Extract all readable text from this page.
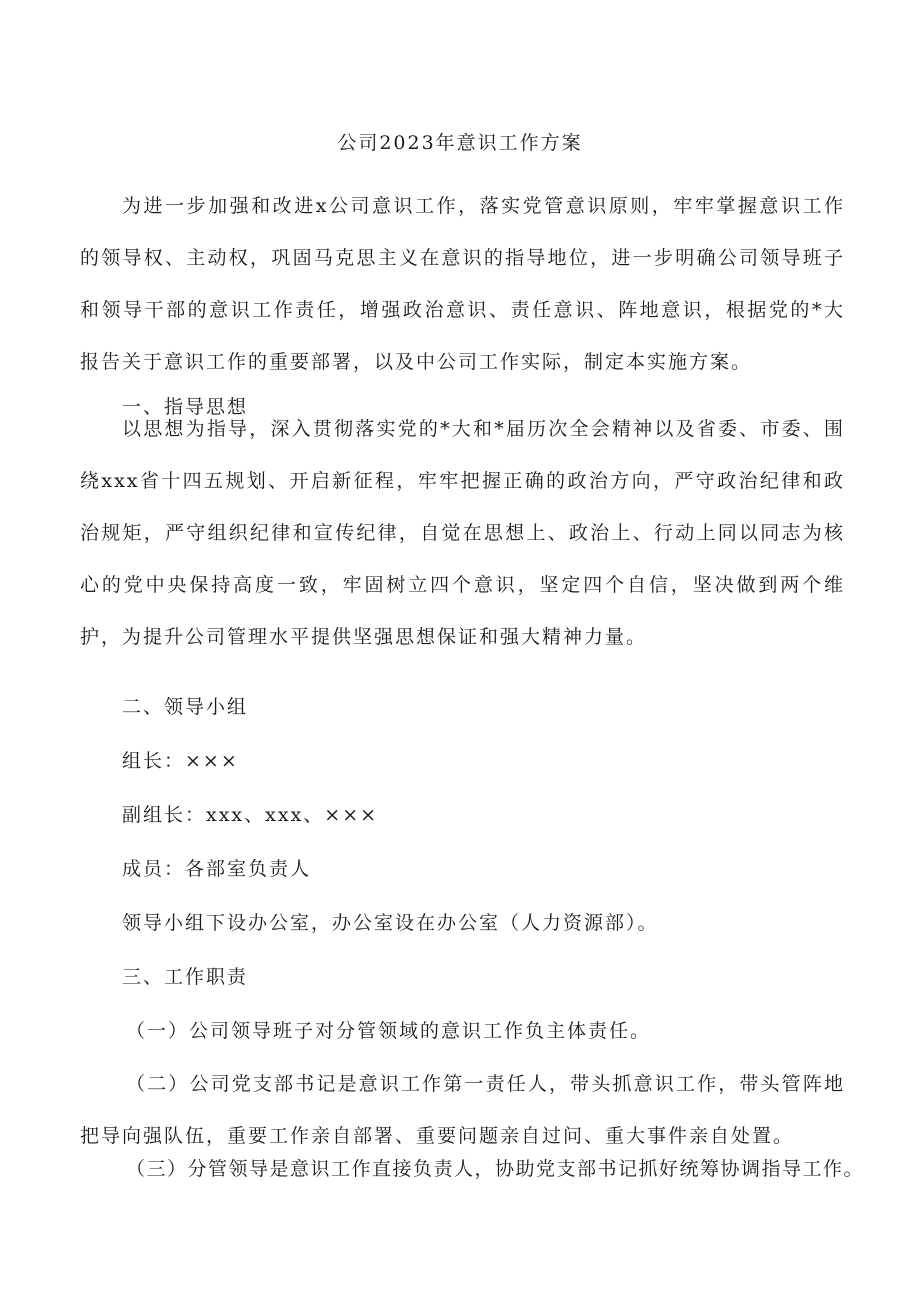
公司2023年意识工作方案

为进一步加强和改进x公司意识工作，落实党管意识原则，牢牢掌握意识工作的领导权、主动权，巩固马克思主义在意识的指导地位，进一步明确公司领导班子和领导干部的意识工作责任，增强政治意识、责任意识、阵地意识，根据党的*大报告关于意识工作的重要部署，以及中公司工作实际，制定本实施方案。

一、指导思想

以思想为指导，深入贯彻落实党的*大和*届历次全会精神以及省委、市委、围绕xxx省十四五规划、开启新征程，牢牢把握正确的政治方向，严守政治纪律和政治规矩，严守组织纪律和宣传纪律，自觉在思想上、政治上、行动上同以同志为核心的党中央保持高度一致，牢固树立四个意识，坚定四个自信，坚决做到两个维护，为提升公司管理水平提供坚强思想保证和强大精神力量。

二、领导小组
组长：×××
副组长：xxx、xxx、×××
成员：各部室负责人
领导小组下设办公室，办公室设在办公室（人力资源部）。
三、工作职责
（一）公司领导班子对分管领域的意识工作负主体责任。

（二）公司党支部书记是意识工作第一责任人，带头抓意识工作，带头管阵地把导向强队伍，重要工作亲自部署、重要问题亲自过问、重大事件亲自处置。

（三）分管领导是意识工作直接负责人，协助党支部书记抓好统筹协调指导工作。
